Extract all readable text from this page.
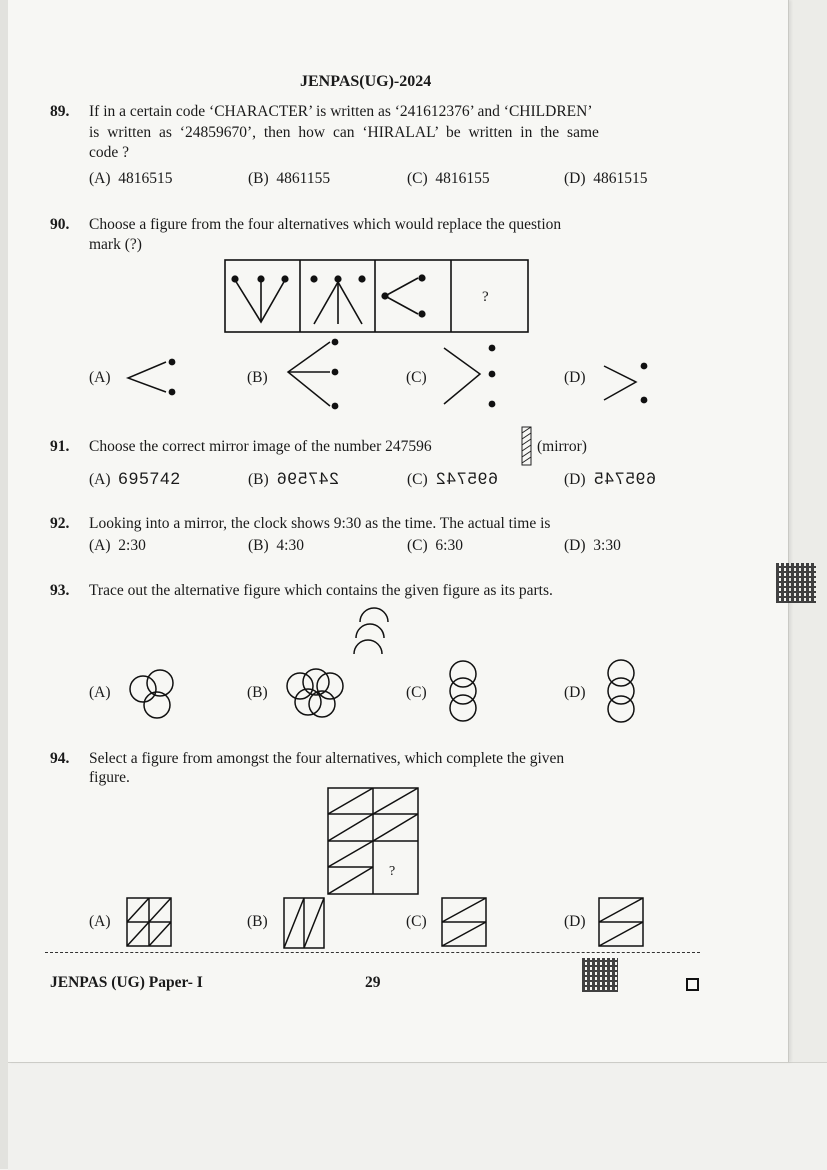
JENPAS(UG)-2024
89. If in a certain code ‘CHARACTER’ is written as ‘241612376’ and ‘CHILDREN’
is written as ‘24859670’, then how can ‘HIRALAL’ be written in the same
code ?
(A) 4816515	(B) 4861155	(C) 4816155	(D) 4861515
90. Choose a figure from the four alternatives which would replace the question
mark (?)
?
(A)	(B)	(C)	(D)
91. Choose the correct mirror image of the number 247596	(mirror)
(A) 695742	(B) 247596	(C) 695742	(D) 695745
92. Looking into a mirror, the clock shows 9:30 as the time. The actual time is
(A) 2:30	(B) 4:30	(C) 6:30	(D) 3:30
93. Trace out the alternative figure which contains the given figure as its parts.
(A)	(B)	(C)	(D)
94. Select a figure from amongst the four alternatives, which complete the given
figure.
?
(A)	(B)	(C)	(D)
JENPAS (UG) Paper- I	29
